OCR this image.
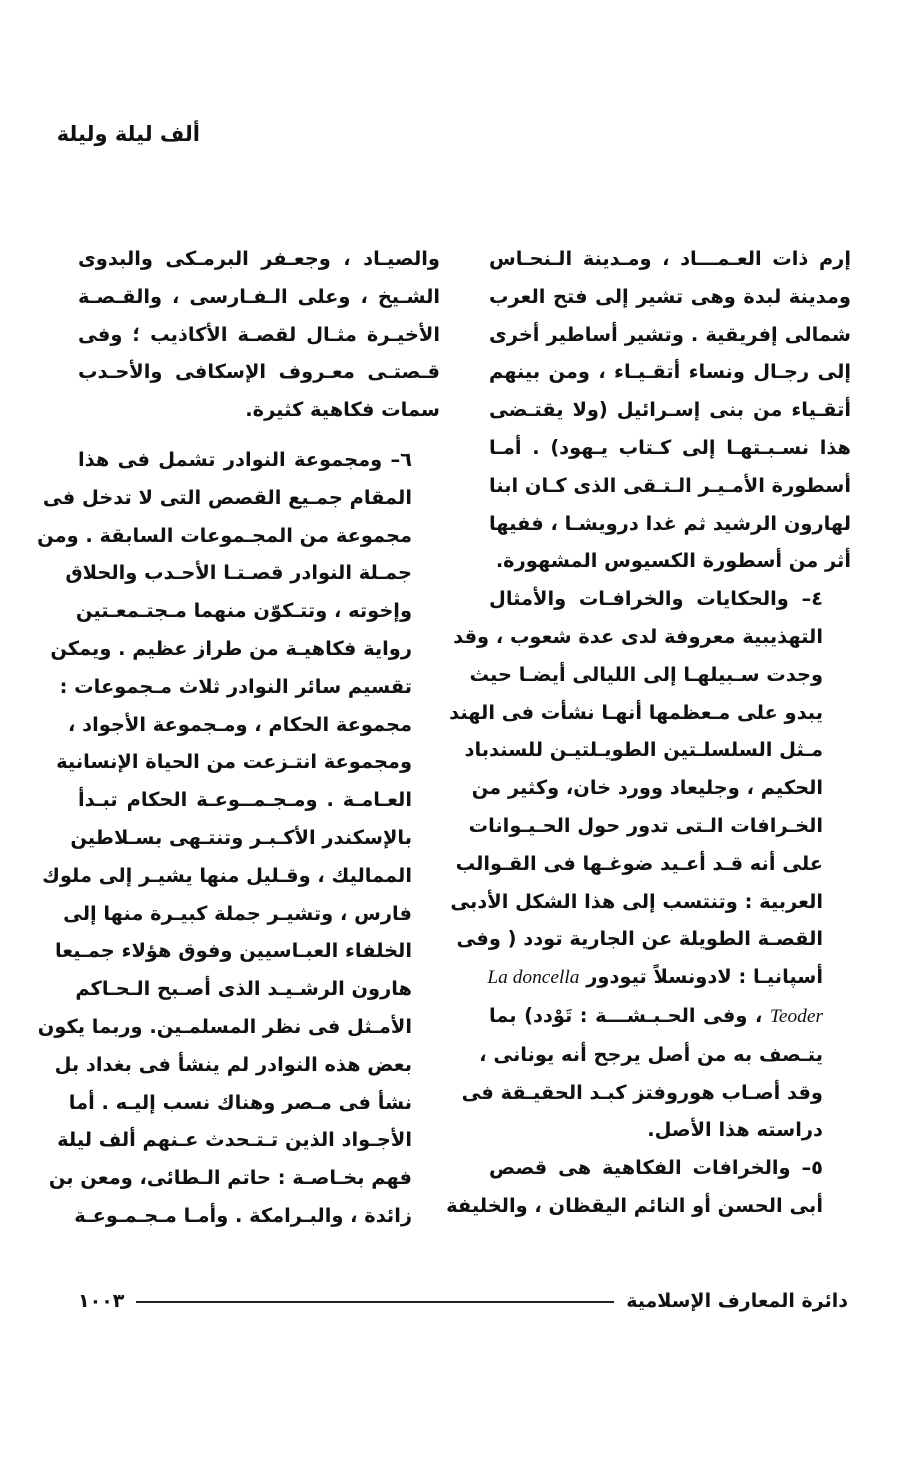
ألف ليلة وليلة

إرم ذات العـمـــاد ، ومـدينة الـنحـاس
ومدينة لبدة وهى تشير إلى فتح العرب
شمالى إفريقية . وتشير أساطير أخرى
إلى رجـال ونساء أتقـيـاء ، ومن بينهم
أتقـياء من بنى إسـرائيل (ولا يقتـضى
هذا نسـبـتهـا إلى كـتاب يـهود) . أمـا
أسطورة الأمـيـر الـتـقى الذى كـان ابنا
لهارون الرشيد ثم غدا درويشـا ، ففيها
أثر من أسطورة الكسيوس المشهورة.

٤– والحكايات والخرافـات والأمثال
التهذيبية معروفة لدى عدة شعوب ، وقد
وجدت سـبيلهـا إلى الليالى أيضـا حيث
يبدو على مـعظمها أنهـا نشأت فى الهند
مـثل السلسلـتين الطويـلتيـن للسندباد
الحكيم ، وجليعاد وورد خان، وكثير من
الخـرافات الـتى تدور حول الحـيـوانات
على أنه قـد أعـيد ضوغـها فى القـوالب
العربية : وتنتسب إلى هذا الشكل الأدبى
القصـة الطويلة عن الجارية تودد ( وفى
أسپانيـا : لادونسلاً تيودور La doncella
Teoder ، وفى الحـبـشـــة : تَوْدد) بما
يتـصف به من أصل يرجح أنه يونانى ،
وقد أصـاب هوروفتز كبـد الحقيـقة فى
دراسته هذا الأصل.

٥– والخرافات الفكاهية هى قصص
أبى الحسن أو النائم اليقظان ، والخليفة

والصيـاد ، وجعـفر البرمـكى والبدوى
الشـيخ ، وعلى الـفـارسى ، والقـصـة
الأخيـرة مثـال لقصـة الأكاذيب ؛ وفى
قـصتـى معـروف الإسكافى والأحـدب
سمات فكاهية كثيرة.

٦– ومجموعة النوادر تشمل فى هذا
المقام جمـيع القصص التى لا تدخل فى
مجموعة من المجـموعات السابقة . ومن
جمـلة النوادر قصـتـا الأحـدب والحلاق
وإخوته ، وتتـكوّن منهما مـجتـمعـتين
رواية فكاهيـة من طراز عظيم . ويمكن
تقسيم سائر النوادر ثلاث مـجموعات :
مجموعة الحكام ، ومـجموعة الأجواد ،
ومجموعة انتـزعت من الحياة الإنسانية
العـامـة . ومـجـمــوعـة الحكام تبـدأ
بالإسكندر الأكـبـر وتنتـهى بسـلاطين
المماليك ، وقـليل منها يشيـر إلى ملوك
فارس ، وتشيـر جملة كبيـرة منها إلى
الخلفاء العبـاسيين وفوق هؤلاء جمـيعا
هارون الرشـيـد الذى أصـبح الـحـاكم
الأمـثل فى نظر المسلمـين. وربما يكون
بعض هذه النوادر لم ينشأ فى بغداد بل
نشأ فى مـصر وهناك نسب إليـه . أما
الأجـواد الذين تـتـحدث عـنهم ألف ليلة
فهم بخـاصـة : حاتم الـطائى، ومعن بن
زائدة ، والبـرامكة . وأمـا مـجـمـوعـة

دائرة المعارف الإسلامية
١٠٠٣
